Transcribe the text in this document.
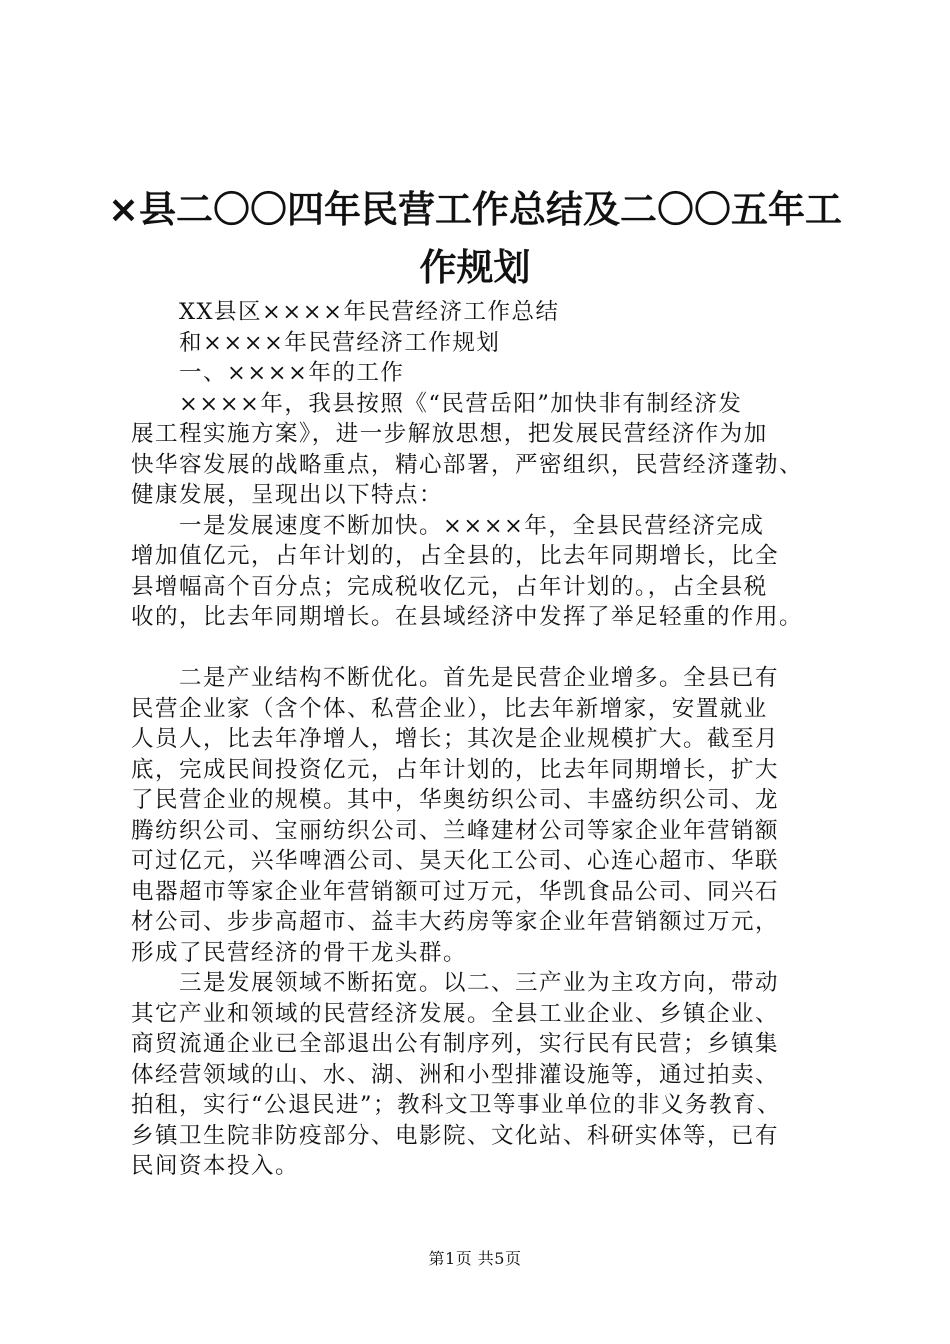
×县二〇〇四年民营工作总结及二〇〇五年工
作规划
XX县区××××年民营经济工作总结
和××××年民营经济工作规划
一、××××年的工作
××××年，我县按照《“民营岳阳”加快非有制经济发
展工程实施方案》，进一步解放思想，把发展民营经济作为加
快华容发展的战略重点，精心部署，严密组织，民营经济蓬勃、
健康发展，呈现出以下特点：
一是发展速度不断加快。××××年，全县民营经济完成
增加值亿元，占年计划的，占全县的，比去年同期增长，比全
县增幅高个百分点；完成税收亿元，占年计划的。，占全县税
收的，比去年同期增长。在县域经济中发挥了举足轻重的作用。
二是产业结构不断优化。首先是民营企业增多。全县已有
民营企业家（含个体、私营企业），比去年新增家，安置就业
人员人，比去年净增人，增长；其次是企业规模扩大。截至月
底，完成民间投资亿元，占年计划的，比去年同期增长，扩大
了民营企业的规模。其中，华奥纺织公司、丰盛纺织公司、龙
腾纺织公司、宝丽纺织公司、兰峰建材公司等家企业年营销额
可过亿元，兴华啤酒公司、昊天化工公司、心连心超市、华联
电器超市等家企业年营销额可过万元，华凯食品公司、同兴石
材公司、步步高超市、益丰大药房等家企业年营销额过万元，
形成了民营经济的骨干龙头群。
三是发展领域不断拓宽。以二、三产业为主攻方向，带动
其它产业和领域的民营经济发展。全县工业企业、乡镇企业、
商贸流通企业已全部退出公有制序列，实行民有民营；乡镇集
体经营领域的山、水、湖、洲和小型排灌设施等，通过拍卖、
拍租，实行“公退民进”；教科文卫等事业单位的非义务教育、
乡镇卫生院非防疫部分、电影院、文化站、科研实体等，已有
民间资本投入。
第1页 共5页
